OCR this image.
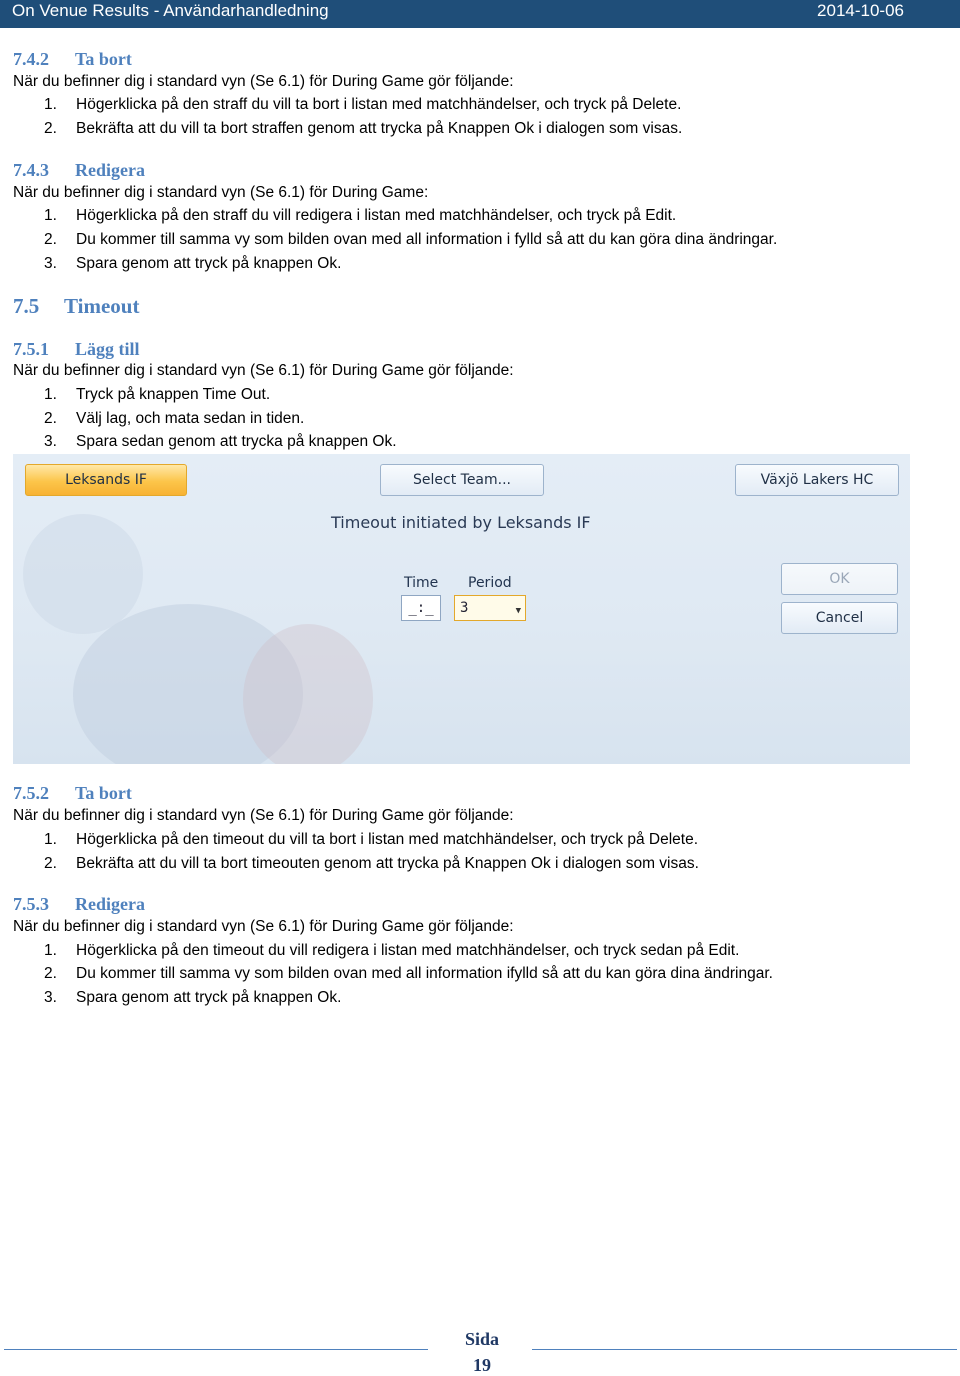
On Venue Results - Användarhandledning	2014-10-06
7.4.2 Ta bort
När du befinner dig i standard vyn (Se 6.1) för During Game gör följande:
1. Högerklicka på den straff du vill ta bort i listan med matchhändelser, och tryck på Delete.
2. Bekräfta att du vill ta bort straffen genom att trycka på Knappen Ok i dialogen som visas.
7.4.3 Redigera
När du befinner dig i standard vyn (Se 6.1) för During Game:
1. Högerklicka på den straff du vill redigera i listan med matchhändelser, och tryck på Edit.
2. Du kommer till samma vy som bilden ovan med all information i fylld så att du kan göra dina ändringar.
3. Spara genom att tryck på knappen Ok.
7.5 Timeout
7.5.1 Lägg till
När du befinner dig i standard vyn (Se 6.1) för During Game gör följande:
1. Tryck på knappen Time Out.
2. Välj lag, och mata sedan in tiden.
3. Spara sedan genom att trycka på knappen Ok.
Leksands IF	Select Team...	Växjö Lakers HC
Timeout initiated by Leksands IF
Time
_:_
Period
3	▼
OK
Cancel
7.5.2 Ta bort
När du befinner dig i standard vyn (Se 6.1) för During Game gör följande:
1. Högerklicka på den timeout du vill ta bort i listan med matchhändelser, och tryck på Delete.
2. Bekräfta att du vill ta bort timeouten genom att trycka på Knappen Ok i dialogen som visas.
7.5.3 Redigera
När du befinner dig i standard vyn (Se 6.1) för During Game gör följande:
1. Högerklicka på den timeout du vill redigera i listan med matchhändelser, och tryck sedan på Edit.
2. Du kommer till samma vy som bilden ovan med all information ifylld så att du kan göra dina ändringar.
3. Spara genom att tryck på knappen Ok.
Sida
19
